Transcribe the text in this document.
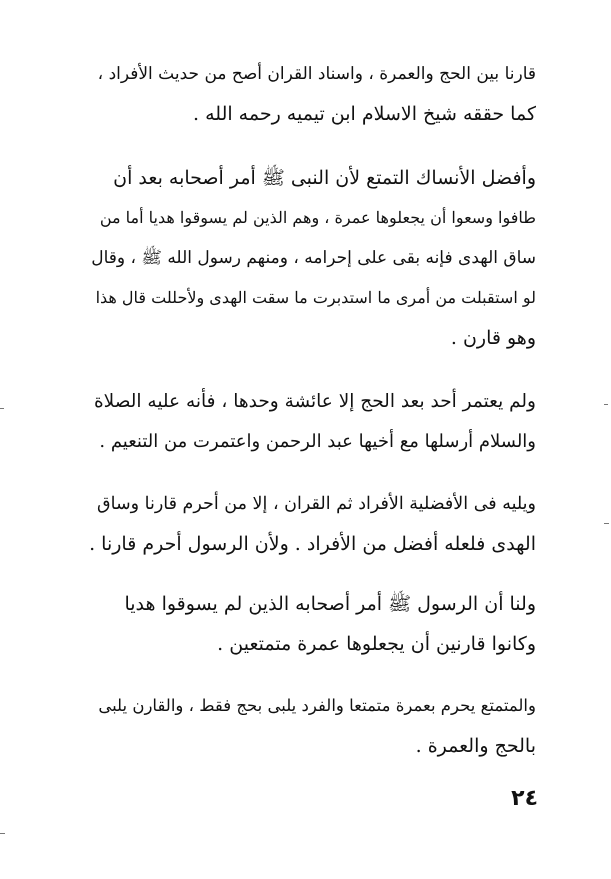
قارنا بين الحج والعمرة ، واسناد القران أصح من حديث الأفراد ،
كما حققه شيخ الاسلام ابن تيميه رحمه الله .
وأفضل الأنساك التمتع لأن النبى ﷺ أمر أصحابه بعد أن
طافوا وسعوا أن يجعلوها عمرة ، وهم الذين لم يسوقوا هديا أما من
ساق الهدى فإنه بقى على إحرامه ، ومنهم رسول الله ﷺ ، وقال
لو استقبلت من أمرى ما استدبرت ما سقت الهدى ولأحللت قال هذا
وهو قارن .
ولم يعتمر أحد بعد الحج إلا عائشة وحدها ، فأنه عليه الصلاة
والسلام أرسلها مع أخيها عبد الرحمن واعتمرت من التنعيم .
ويليه فى الأفضلية الأفراد ثم القران ، إلا من أحرم قارنا وساق
الهدى فلعله أفضل من الأفراد . ولأن الرسول أحرم قارنا .
ولنا أن الرسول ﷺ أمر أصحابه الذين لم يسوقوا هديا
وكانوا قارنين أن يجعلوها عمرة متمتعين .
والمتمتع يحرم بعمرة متمتعا والفرد يلبى بحج فقط ، والقارن يلبى
بالحج والعمرة .
٢٤
